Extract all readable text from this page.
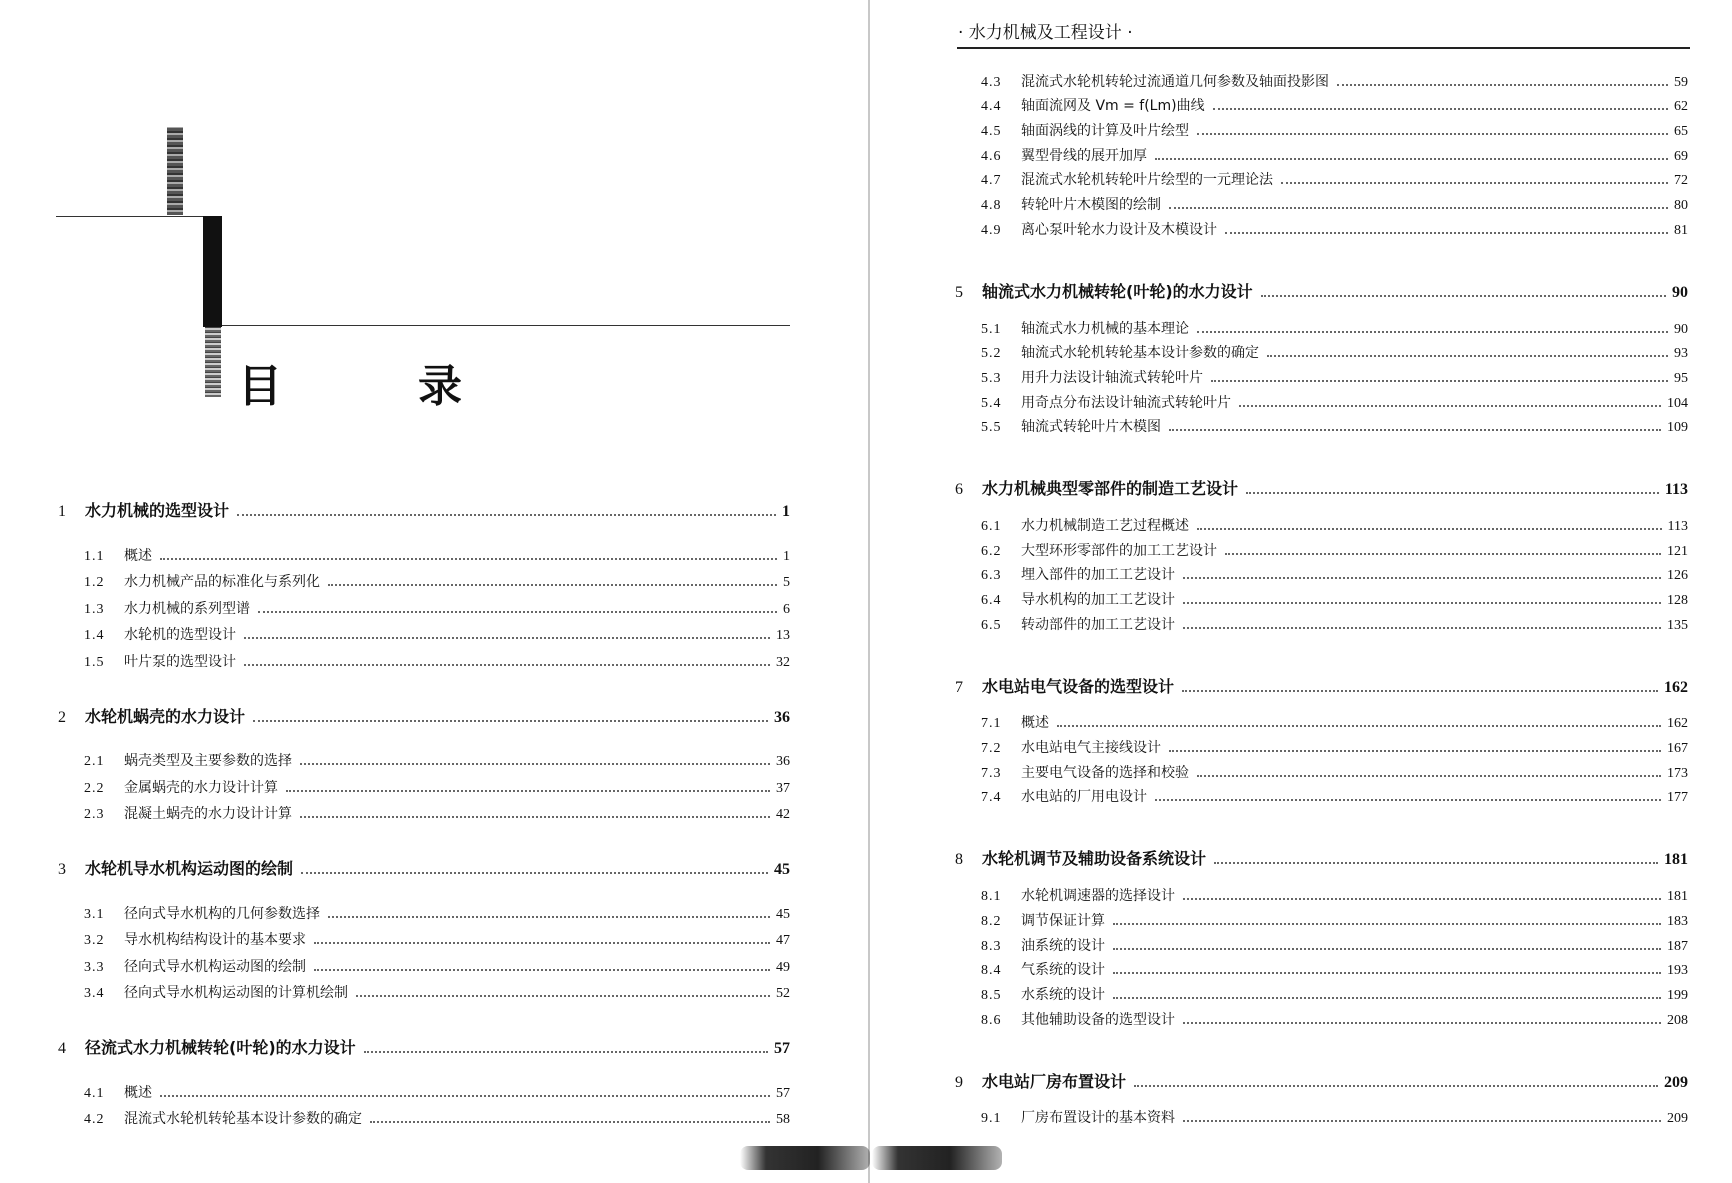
目　录
1	水力机械的选型设计	1
1.1	概述	1
1.2	水力机械产品的标准化与系列化	5
1.3	水力机械的系列型谱	6
1.4	水轮机的选型设计	13
1.5	叶片泵的选型设计	32
2	水轮机蜗壳的水力设计	36
2.1	蜗壳类型及主要参数的选择	36
2.2	金属蜗壳的水力设计计算	37
2.3	混凝土蜗壳的水力设计计算	42
3	水轮机导水机构运动图的绘制	45
3.1	径向式导水机构的几何参数选择	45
3.2	导水机构结构设计的基本要求	47
3.3	径向式导水机构运动图的绘制	49
3.4	径向式导水机构运动图的计算机绘制	52
4	径流式水力机械转轮(叶轮)的水力设计	57
4.1	概述	57
4.2	混流式水轮机转轮基本设计参数的确定	58
· 水力机械及工程设计 ·
4.3	混流式水轮机转轮过流通道几何参数及轴面投影图	59
4.4	轴面流网及 Vm = f(Lm)曲线	62
4.5	轴面涡线的计算及叶片绘型	65
4.6	翼型骨线的展开加厚	69
4.7	混流式水轮机转轮叶片绘型的一元理论法	72
4.8	转轮叶片木模图的绘制	80
4.9	离心泵叶轮水力设计及木模设计	81
5	轴流式水力机械转轮(叶轮)的水力设计	90
5.1	轴流式水力机械的基本理论	90
5.2	轴流式水轮机转轮基本设计参数的确定	93
5.3	用升力法设计轴流式转轮叶片	95
5.4	用奇点分布法设计轴流式转轮叶片	104
5.5	轴流式转轮叶片木模图	109
6	水力机械典型零部件的制造工艺设计	113
6.1	水力机械制造工艺过程概述	113
6.2	大型环形零部件的加工工艺设计	121
6.3	埋入部件的加工工艺设计	126
6.4	导水机构的加工工艺设计	128
6.5	转动部件的加工工艺设计	135
7	水电站电气设备的选型设计	162
7.1	概述	162
7.2	水电站电气主接线设计	167
7.3	主要电气设备的选择和校验	173
7.4	水电站的厂用电设计	177
8	水轮机调节及辅助设备系统设计	181
8.1	水轮机调速器的选择设计	181
8.2	调节保证计算	183
8.3	油系统的设计	187
8.4	气系统的设计	193
8.5	水系统的设计	199
8.6	其他辅助设备的选型设计	208
9	水电站厂房布置设计	209
9.1	厂房布置设计的基本资料	209
